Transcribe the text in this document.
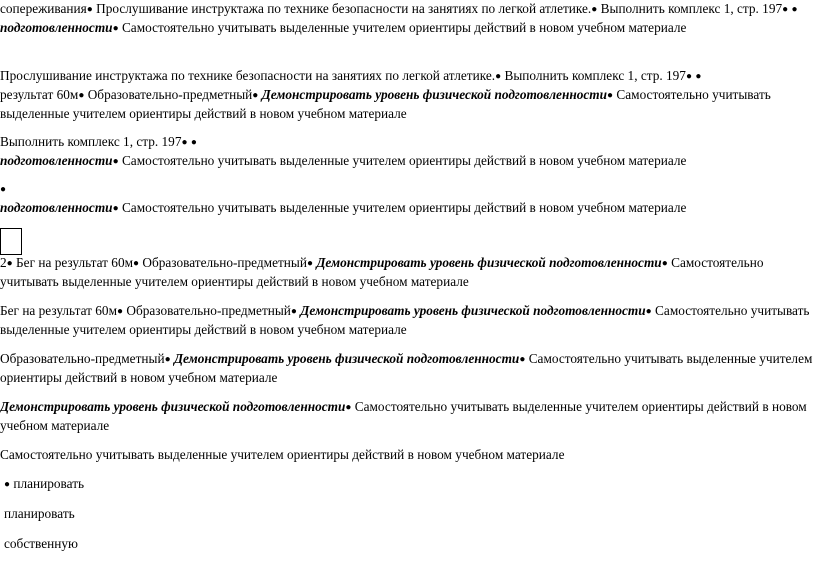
сопереживания● Прослушивание инструктажа по технике безопасности на занятиях по легкой атлетике.● Выполнить комплекс 1, стр. 197● ●
подготовленности● Самостоятельно учитывать выделенные учителем ориентиры действий в новом учебном материале

Прослушивание инструктажа по технике безопасности на занятиях по легкой атлетике.● Выполнить комплекс 1, стр. 197● ●
результат 60м● Образовательно-предметный● Демонстрировать уровень физической подготовленности● Самостоятельно учитывать выделенные учителем ориентиры действий в новом учебном материале

Выполнить комплекс 1, стр. 197● ●
подготовленности● Самостоятельно учитывать выделенные учителем ориентиры действий в новом учебном материале

●
подготовленности● Самостоятельно учитывать выделенные учителем ориентиры действий в новом учебном материале

2● Бег на результат 60м● Образовательно-предметный● Демонстрировать уровень физической подготовленности● Самостоятельно учитывать выделенные учителем ориентиры действий в новом учебном материале

Бег на результат 60м● Образовательно-предметный● Демонстрировать уровень физической подготовленности● Самостоятельно учитывать выделенные учителем ориентиры действий в новом учебном материале

Образовательно-предметный● Демонстрировать уровень физической подготовленности● Самостоятельно учитывать выделенные учителем ориентиры действий в новом учебном материале

Демонстрировать уровень физической подготовленности● Самостоятельно учитывать выделенные учителем ориентиры действий в новом учебном материале

Самостоятельно учитывать выделенные учителем ориентиры действий в новом учебном материале

● планировать

планировать

собственную
